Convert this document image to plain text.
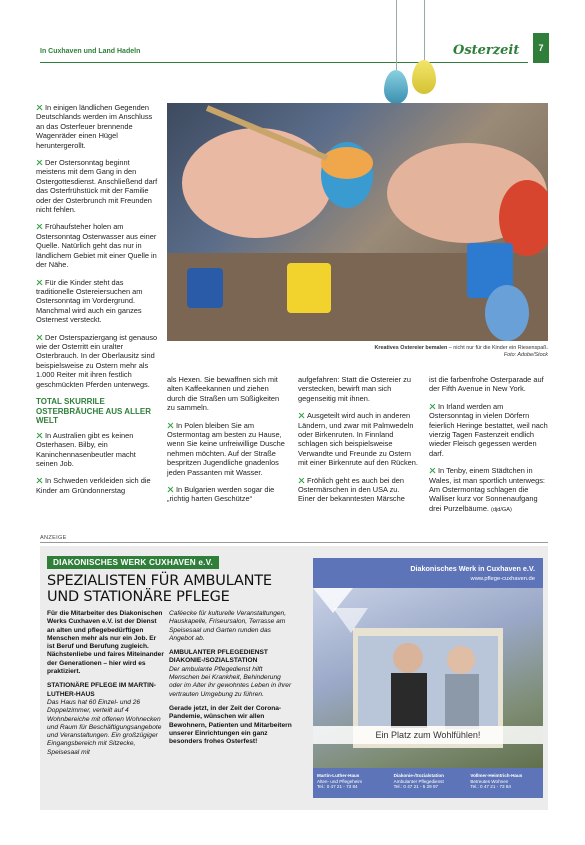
In Cuxhaven und Land Hadeln	Osterzeit	7

In einigen ländlichen Gegenden Deutschlands werden im Anschluss an das Osterfeuer brennende Wagenräder einen Hügel heruntergerollt.

Der Ostersonntag beginnt meistens mit dem Gang in den Ostergottesdienst. Anschließend darf das Osterfrühstück mit der Familie oder der Osterbrunch mit Freunden nicht fehlen.

Frühaufsteher holen am Ostersonntag Osterwasser aus einer Quelle. Natürlich geht das nur in ländlichem Gebiet mit einer Quelle in der Nähe.

Für die Kinder steht das traditionelle Ostereiersuchen am Ostersonntag im Vordergrund. Manchmal wird auch ein ganzes Osternest versteckt.

Der Osterspaziergang ist genauso wie der Osterritt ein uralter Osterbrauch. In der Oberlausitz sind beispielsweise zu Ostern mehr als 1.000 Reiter mit ihren festlich geschmückten Pferden unterwegs.

TOTAL SKURRILE OSTERBRÄUCHE AUS ALLER WELT

In Australien gibt es keinen Osterhasen. Bilby, ein Kaninchennasenbeutler macht seinen Job.

In Schweden verkleiden sich die Kinder am Gründonnerstag

Kreatives Ostereier bemalen – nicht nur für die Kinder ein Riesenspaß. Foto: Adobe/Stock

als Hexen. Sie bewaffnen sich mit alten Kaffeekannen und ziehen durch die Straßen um Süßigkeiten zu sammeln.

In Polen bleiben Sie am Ostermontag am besten zu Hause, wenn Sie keine unfreiwillige Dusche nehmen möchten. Auf der Straße bespritzen Jugendliche gnadenlos jeden Passanten mit Wasser.

In Bulgarien werden sogar die „richtig harten Geschütze“

aufgefahren: Statt die Ostereier zu verstecken, bewirft man sich gegenseitig mit ihnen.

Ausgeteilt wird auch in anderen Ländern, und zwar mit Palmwedeln oder Birkenruten. In Finnland schlagen sich beispielsweise Verwandte und Freunde zu Ostern mit einer Birkenrute auf den Rücken.

Fröhlich geht es auch bei den Ostermärschen in den USA zu. Einer der bekanntesten Märsche

ist die farbenfrohe Osterparade auf der Fifth Avenue in New York.

In Irland werden am Ostersonntag in vielen Dörfern feierlich Heringe bestattet, weil nach vierzig Tagen Fastenzeit endlich wieder Fleisch gegessen werden darf.

In Tenby, einem Städtchen in Wales, ist man sportlich unterwegs: Am Ostermontag schlagen die Walliser kurz vor Sonnenaufgang drei Purzelbäume. (djd/GA)

ANZEIGE
DIAKONISCHES WERK CUXHAVEN e.V.
SPEZIALISTEN FÜR AMBULANTE UND STATIONÄRE PFLEGE

Für die Mitarbeiter des Diakonischen Werks Cuxhaven e.V. ist der Dienst an alten und pflegebedürftigen Menschen mehr als nur ein Job. Er ist Beruf und Berufung zugleich. Nächstenliebe und faires Miteinander der Generationen – hier wird es praktiziert.

STATIONÄRE PFLEGE IM MARTIN-LUTHER-HAUS

Das Haus hat 60 Einzel- und 26 Doppelzimmer, verteilt auf 4 Wohnbereiche mit offenen Wohnecken und Raum für Beschäftigungsangebote und Veranstaltungen. Ein großzügiger Eingangsbereich mit Sitzecke, Speisesaal mit

Caféecke für kulturelle Veranstaltungen, Hauskapelle, Friseursalon, Terrasse am Speisesaal und Garten runden das Angebot ab.

AMBULANTER PFLEGEDIENST DIAKONIE-/SOZIALSTATION

Der ambulante Pflegedienst hilft Menschen bei Krankheit, Behinderung oder im Alter ihr gewohntes Leben in ihrer vertrauten Umgebung zu führen.

Gerade jetzt, in der Zeit der Corona-Pandemie, wünschen wir allen Bewohnern, Patienten und Mitarbeitern unserer Einrichtungen ein ganz besonders frohes Osterfest!

Diakonisches Werk in Cuxhaven e.V.
www.pflege-cuxhaven.de
Ein Platz zum Wohlfühlen!
Martin-Luther-Haus
Alten- und Pflegeheim
Tel.: 0 47 21 - 73 84
Diakonie-/Sozialstation
Ambulanter Pflegedienst
Tel.: 0 47 21 - 5 29 97
Vollmer-Heimtrich-Haus
Betreutes Wohnen
Tel.: 0 47 21 - 73 84
